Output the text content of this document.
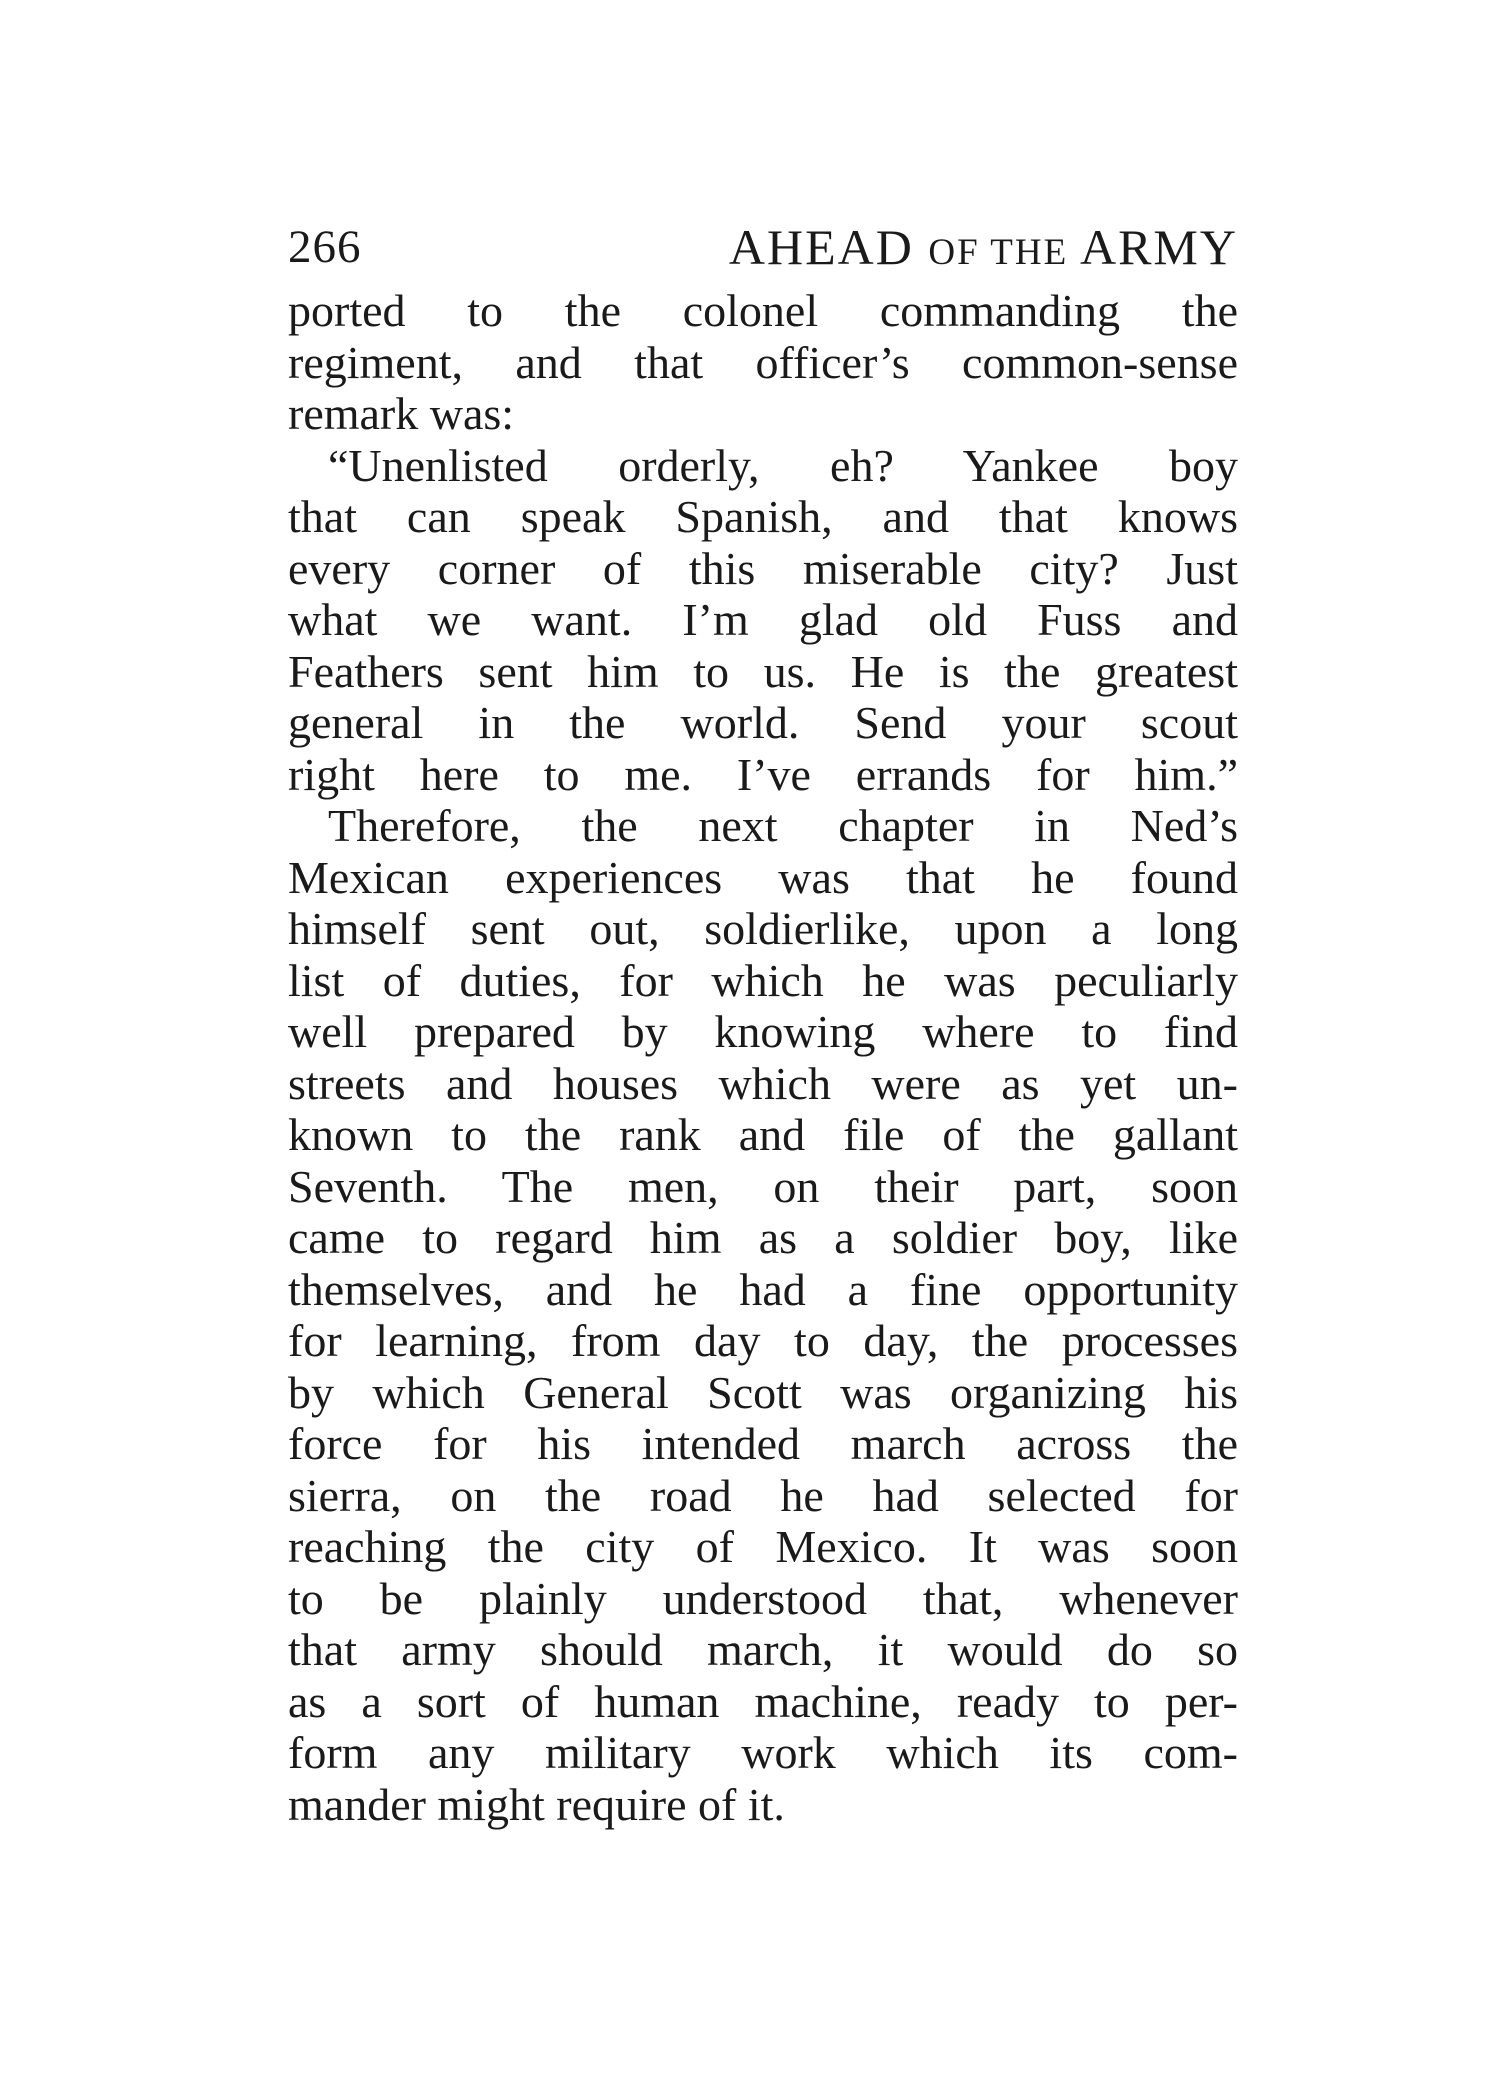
266	AHEAD OF THE ARMY
ported to the colonel commanding the
regiment, and that officer’s common-sense
remark was:
“Unenlisted orderly, eh? Yankee boy
that can speak Spanish, and that knows
every corner of this miserable city? Just
what we want. I’m glad old Fuss and
Feathers sent him to us. He is the greatest
general in the world. Send your scout
right here to me. I’ve errands for him.”
Therefore, the next chapter in Ned’s
Mexican experiences was that he found
himself sent out, soldierlike, upon a long
list of duties, for which he was peculiarly
well prepared by knowing where to find
streets and houses which were as yet un-
known to the rank and file of the gallant
Seventh. The men, on their part, soon
came to regard him as a soldier boy, like
themselves, and he had a fine opportunity
for learning, from day to day, the processes
by which General Scott was organizing his
force for his intended march across the
sierra, on the road he had selected for
reaching the city of Mexico. It was soon
to be plainly understood that, whenever
that army should march, it would do so
as a sort of human machine, ready to per-
form any military work which its com-
mander might require of it.
